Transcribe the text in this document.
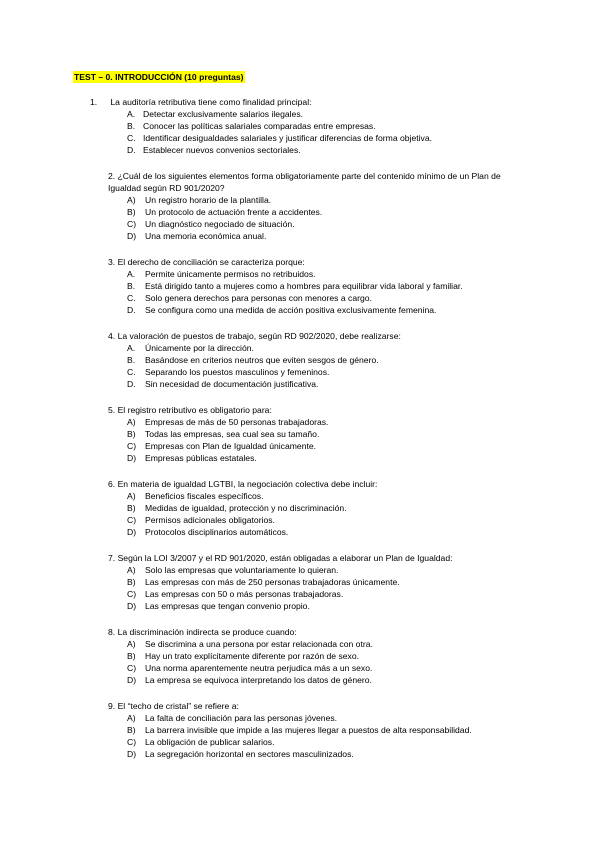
TEST – 0. INTRODUCCIÓN (10 preguntas)
1. La auditoría retributiva tiene como finalidad principal:
A. Detectar exclusivamente salarios ilegales.
B. Conocer las políticas salariales comparadas entre empresas.
C. Identificar desigualdades salariales y justificar diferencias de forma objetiva.
D. Establecer nuevos convenios sectoriales.
2. ¿Cuál de los siguientes elementos forma obligatoriamente parte del contenido mínimo de un Plan de Igualdad según RD 901/2020?
A) Un registro horario de la plantilla.
B) Un protocolo de actuación frente a accidentes.
C) Un diagnóstico negociado de situación.
D) Una memoria económica anual.
3. El derecho de conciliación se caracteriza porque:
A. Permite únicamente permisos no retribuidos.
B. Está dirigido tanto a mujeres como a hombres para equilibrar vida laboral y familiar.
C. Solo genera derechos para personas con menores a cargo.
D. Se configura como una medida de acción positiva exclusivamente femenina.
4. La valoración de puestos de trabajo, según RD 902/2020, debe realizarse:
A. Únicamente por la dirección.
B. Basándose en criterios neutros que eviten sesgos de género.
C. Separando los puestos masculinos y femeninos.
D. Sin necesidad de documentación justificativa.
5. El registro retributivo es obligatorio para:
A) Empresas de más de 50 personas trabajadoras.
B) Todas las empresas, sea cual sea su tamaño.
C) Empresas con Plan de Igualdad únicamente.
D) Empresas públicas estatales.
6. En materia de igualdad LGTBI, la negociación colectiva debe incluir:
A) Beneficios fiscales específicos.
B) Medidas de igualdad, protección y no discriminación.
C) Permisos adicionales obligatorios.
D) Protocolos disciplinarios automáticos.
7. Según la LOI 3/2007 y el RD 901/2020, están obligadas a elaborar un Plan de Igualdad:
A) Solo las empresas que voluntariamente lo quieran.
B) Las empresas con más de 250 personas trabajadoras únicamente.
C) Las empresas con 50 o más personas trabajadoras.
D) Las empresas que tengan convenio propio.
8. La discriminación indirecta se produce cuando:
A) Se discrimina a una persona por estar relacionada con otra.
B) Hay un trato explícitamente diferente por razón de sexo.
C) Una norma aparentemente neutra perjudica más a un sexo.
D) La empresa se equivoca interpretando los datos de género.
9. El “techo de cristal” se refiere a:
A) La falta de conciliación para las personas jóvenes.
B) La barrera invisible que impide a las mujeres llegar a puestos de alta responsabilidad.
C) La obligación de publicar salarios.
D) La segregación horizontal en sectores masculinizados.
